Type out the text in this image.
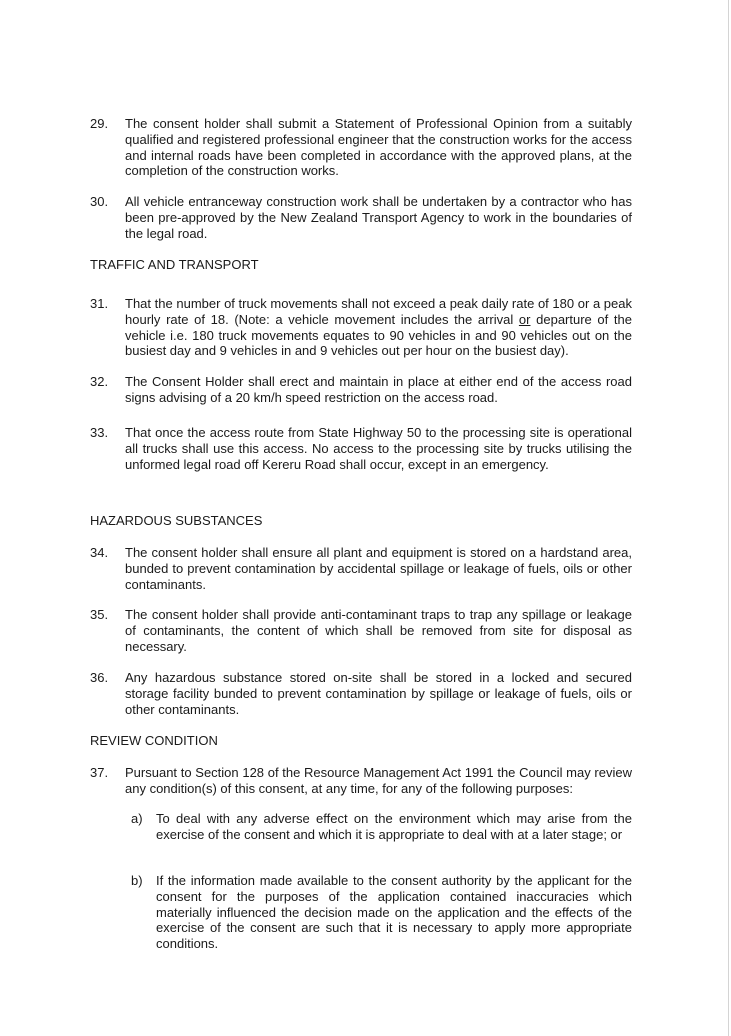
29. The consent holder shall submit a Statement of Professional Opinion from a suitably qualified and registered professional engineer that the construction works for the access and internal roads have been completed in accordance with the approved plans, at the completion of the construction works.
30. All vehicle entranceway construction work shall be undertaken by a contractor who has been pre-approved by the New Zealand Transport Agency to work in the boundaries of the legal road.
TRAFFIC AND TRANSPORT
31. That the number of truck movements shall not exceed a peak daily rate of 180 or a peak hourly rate of 18. (Note: a vehicle movement includes the arrival or departure of the vehicle i.e. 180 truck movements equates to 90 vehicles in and 90 vehicles out on the busiest day and 9 vehicles in and 9 vehicles out per hour on the busiest day).
32. The Consent Holder shall erect and maintain in place at either end of the access road signs advising of a 20 km/h speed restriction on the access road.
33. That once the access route from State Highway 50 to the processing site is operational all trucks shall use this access. No access to the processing site by trucks utilising the unformed legal road off Kereru Road shall occur, except in an emergency.
HAZARDOUS SUBSTANCES
34. The consent holder shall ensure all plant and equipment is stored on a hardstand area, bunded to prevent contamination by accidental spillage or leakage of fuels, oils or other contaminants.
35. The consent holder shall provide anti-contaminant traps to trap any spillage or leakage of contaminants, the content of which shall be removed from site for disposal as necessary.
36. Any hazardous substance stored on-site shall be stored in a locked and secured storage facility bunded to prevent contamination by spillage or leakage of fuels, oils or other contaminants.
REVIEW CONDITION
37. Pursuant to Section 128 of the Resource Management Act 1991 the Council may review any condition(s) of this consent, at any time, for any of the following purposes:
a) To deal with any adverse effect on the environment which may arise from the exercise of the consent and which it is appropriate to deal with at a later stage; or
b) If the information made available to the consent authority by the applicant for the consent for the purposes of the application contained inaccuracies which materially influenced the decision made on the application and the effects of the exercise of the consent are such that it is necessary to apply more appropriate conditions.
